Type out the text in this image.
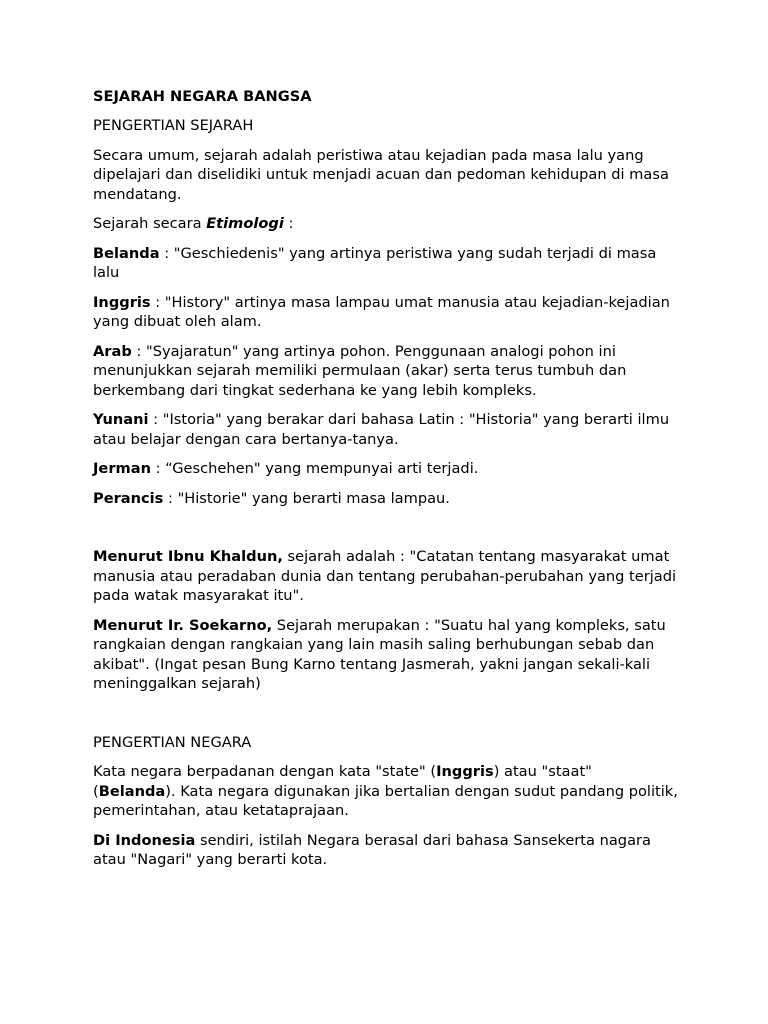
SEJARAH NEGARA BANGSA

PENGERTIAN SEJARAH

Secara umum, sejarah adalah peristiwa atau kejadian pada masa lalu yang dipelajari dan diselidiki untuk menjadi acuan dan pedoman kehidupan di masa mendatang.

Sejarah secara Etimologi :

Belanda : "Geschiedenis" yang artinya peristiwa yang sudah terjadi di masa lalu

Inggris : "History" artinya masa lampau umat manusia atau kejadian-kejadian yang dibuat oleh alam.

Arab : "Syajaratun" yang artinya pohon. Penggunaan analogi pohon ini menunjukkan sejarah memiliki permulaan (akar) serta terus tumbuh dan berkembang dari tingkat sederhana ke yang lebih kompleks.

Yunani : "Istoria" yang berakar dari bahasa Latin : "Historia" yang berarti ilmu atau belajar dengan cara bertanya-tanya.

Jerman : “Geschehen" yang mempunyai arti terjadi.

Perancis : "Historie" yang berarti masa lampau.

Menurut Ibnu Khaldun, sejarah adalah : "Catatan tentang masyarakat umat manusia atau peradaban dunia dan tentang perubahan-perubahan yang terjadi pada watak masyarakat itu".

Menurut Ir. Soekarno, Sejarah merupakan : "Suatu hal yang kompleks, satu rangkaian dengan rangkaian yang lain masih saling berhubungan sebab dan akibat". (Ingat pesan Bung Karno tentang Jasmerah, yakni jangan sekali-kali meninggalkan sejarah)

PENGERTIAN NEGARA

Kata negara berpadanan dengan kata "state" (Inggris) atau "staat" (Belanda). Kata negara digunakan jika bertalian dengan sudut pandang politik, pemerintahan, atau ketataprajaan.

Di Indonesia sendiri, istilah Negara berasal dari bahasa Sansekerta nagara atau "Nagari" yang berarti kota.
